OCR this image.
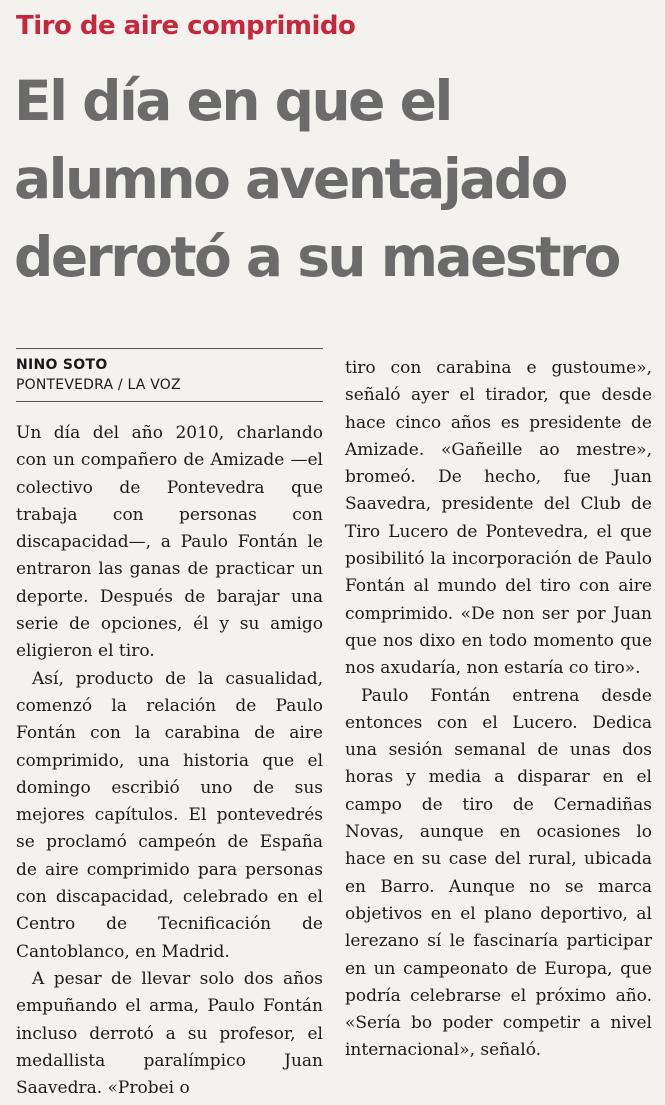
Tiro de aire comprimido
El día en que el
alumno aventajado
derrotó a su maestro
NINO SOTO
PONTEVEDRA / LA VOZ

Un día del año 2010, charlando con un compañero de Amizade —el colectivo de Pontevedra que trabaja con personas con discapacidad—, a Paulo Fontán le entraron las ganas de practicar un deporte. Después de barajar una serie de opciones, él y su amigo eligieron el tiro.

Así, producto de la casualidad, comenzó la relación de Paulo Fontán con la carabina de aire comprimido, una historia que el domingo escribió uno de sus mejores capítulos. El pontevedrés se proclamó campeón de España de aire comprimido para personas con discapacidad, celebrado en el Centro de Tecnificación de Cantoblanco, en Madrid.

A pesar de llevar solo dos años empuñando el arma, Paulo Fontán incluso derrotó a su profesor, el medallista paralímpico Juan Saavedra. «Probei o

tiro con carabina e gustoume», señaló ayer el tirador, que desde hace cinco años es presidente de Amizade. «Gañeille ao mestre», bromeó. De hecho, fue Juan Saavedra, presidente del Club de Tiro Lucero de Pontevedra, el que posibilitó la incorporación de Paulo Fontán al mundo del tiro con aire comprimido. «De non ser por Juan que nos dixo en todo momento que nos axudaría, non estaría co tiro».

Paulo Fontán entrena desde entonces con el Lucero. Dedica una sesión semanal de unas dos horas y media a disparar en el campo de tiro de Cernadiñas Novas, aunque en ocasiones lo hace en su case del rural, ubicada en Barro. Aunque no se marca objetivos en el plano deportivo, al lerezano sí le fascinaría participar en un campeonato de Europa, que podría celebrarse el próximo año. «Sería bo poder competir a nivel internacional», señaló.
